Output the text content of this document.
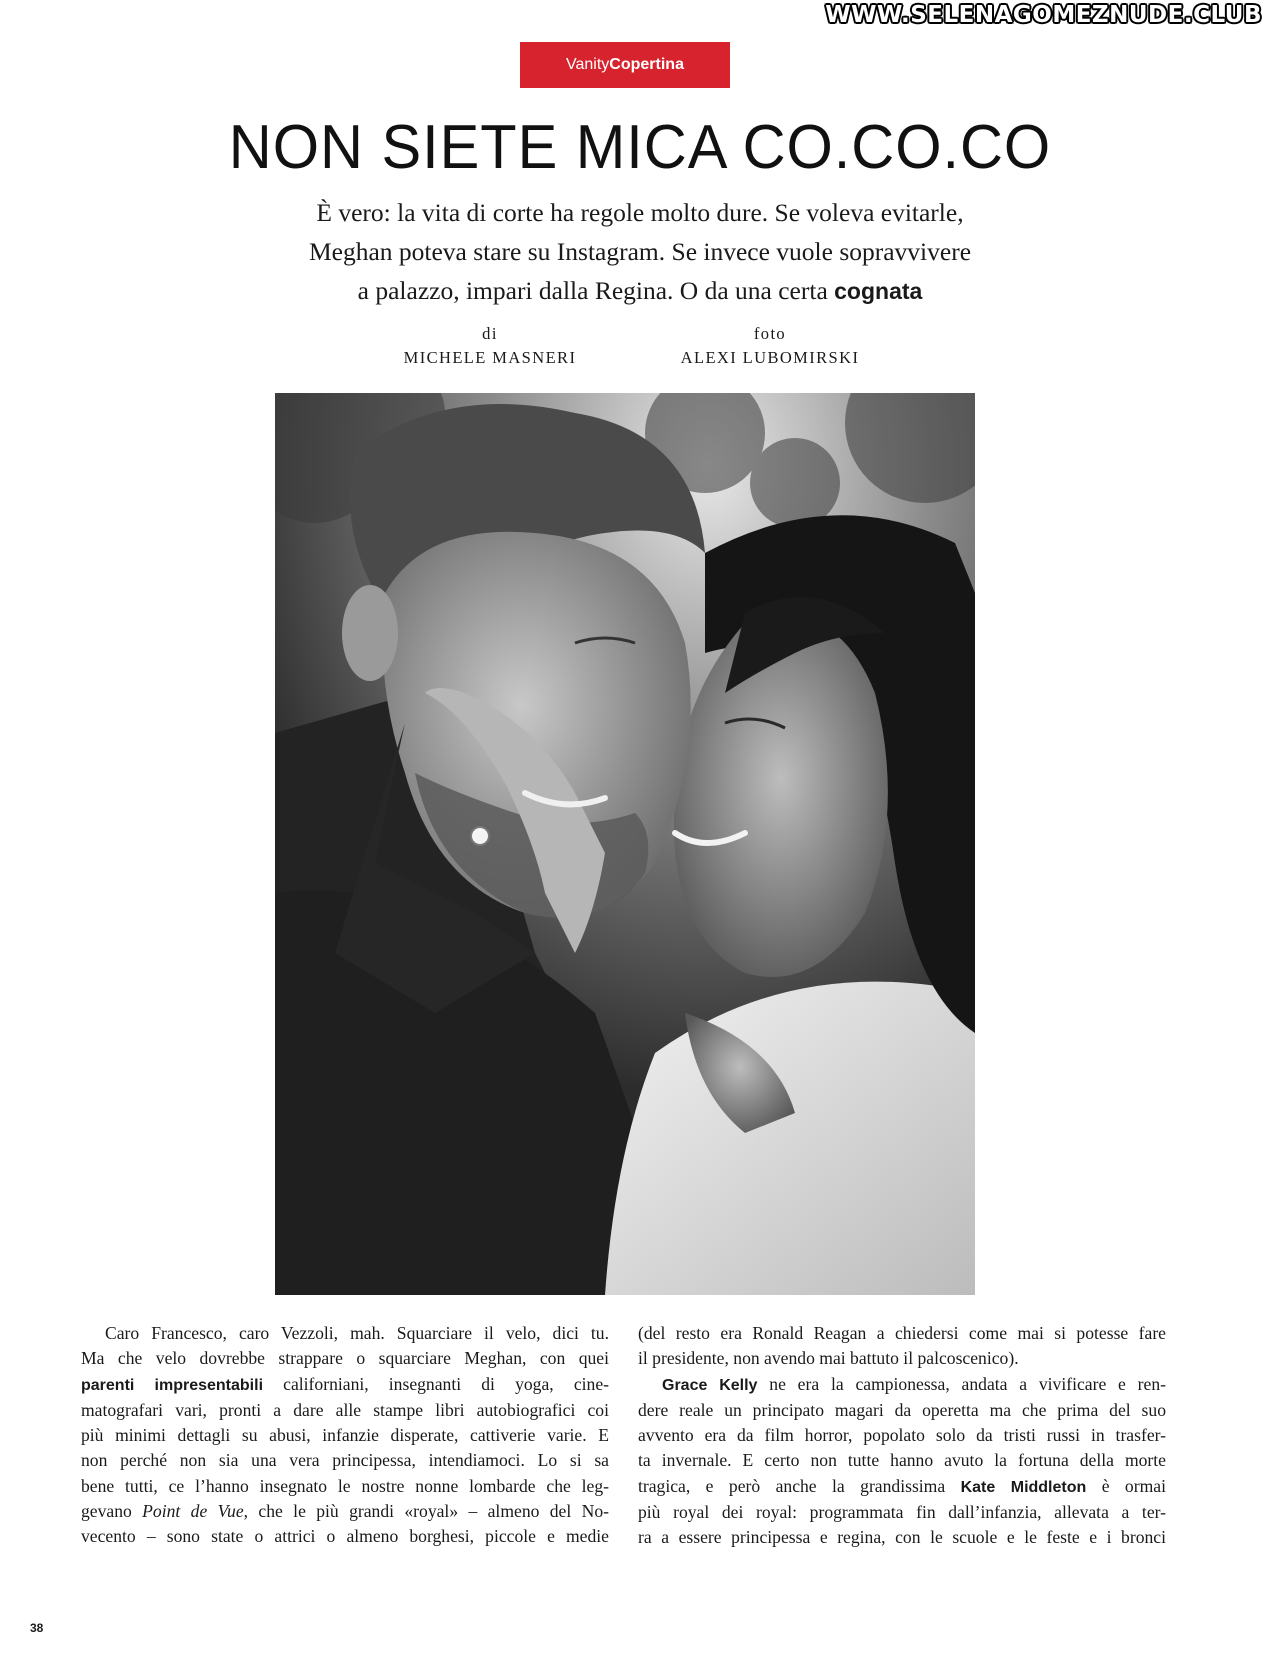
WWW.SELENAGOMEZNUDE.CLUB
Vanity Copertina
NON SIETE MICA CO.CO.CO

È vero: la vita di corte ha regole molto dure. Se voleva evitarle,
Meghan poteva stare su Instagram. Se invece vuole sopravvivere
a palazzo, impari dalla Regina. O da una certa cognata

di
MICHELE MASNERI
foto
ALEXI LUBOMIRSKI
Caro Francesco, caro Vezzoli, mah. Squarciare il velo, dici tu.
Ma che velo dovrebbe strappare o squarciare Meghan, con quei
parenti impresentabili californiani, insegnanti di yoga, cine-
matografari vari, pronti a dare alle stampe libri autobiografici coi
più minimi dettagli su abusi, infanzie disperate, cattiverie varie. E
non perché non sia una vera principessa, intendiamoci. Lo si sa
bene tutti, ce l’hanno insegnato le nostre nonne lombarde che leg-
gevano Point de Vue, che le più grandi «royal» – almeno del No-
vecento – sono state o attrici o almeno borghesi, piccole e medie
(del resto era Ronald Reagan a chiedersi come mai si potesse fare
il presidente, non avendo mai battuto il palcoscenico).
Grace Kelly ne era la campionessa, andata a vivificare e ren-
dere reale un principato magari da operetta ma che prima del suo
avvento era da film horror, popolato solo da tristi russi in trasfer-
ta invernale. E certo non tutte hanno avuto la fortuna della morte
tragica, e però anche la grandissima Kate Middleton è ormai
più royal dei royal: programmata fin dall’infanzia, allevata a ter-
ra a essere principessa e regina, con le scuole e le feste e i bronci
38
